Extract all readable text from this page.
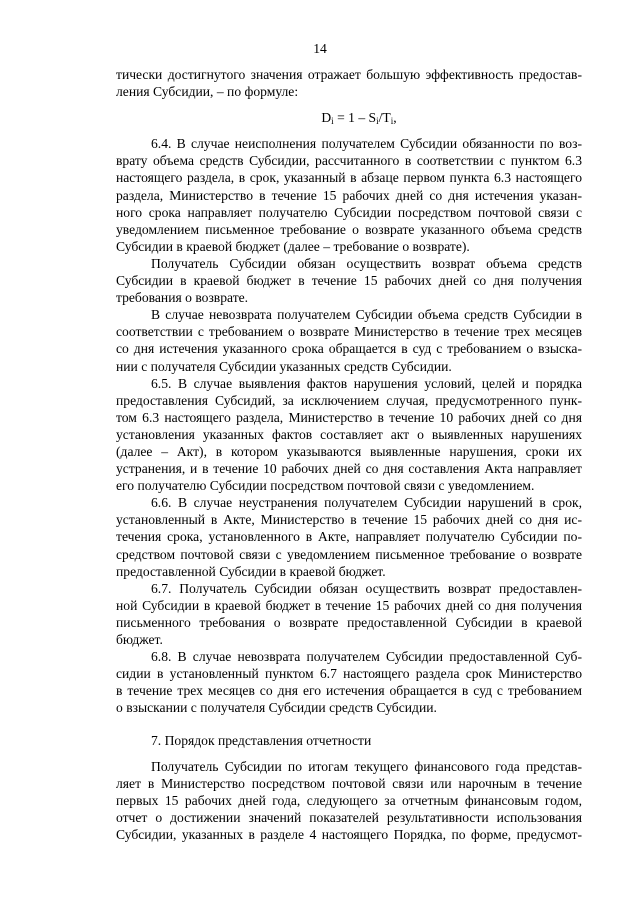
14

тически достигнутого значения отражает большую эффективность предостав-
ления Субсидии, – по формуле:

$D_i = 1 - S_i/T_i$,

6.4. В случае неисполнения получателем Субсидии обязанности по воз-
врату объема средств Субсидии, рассчитанного в соответствии с пунктом 6.3
настоящего раздела, в срок, указанный в абзаце первом пункта 6.3 настоящего
раздела, Министерство в течение 15 рабочих дней со дня истечения указан-
ного срока направляет получателю Субсидии посредством почтовой связи с
уведомлением письменное требование о возврате указанного объема средств
Субсидии в краевой бюджет (далее – требование о возврате).

Получатель Субсидии обязан осуществить возврат объема средств
Субсидии в краевой бюджет в течение 15 рабочих дней со дня получения
требования о возврате.

В случае невозврата получателем Субсидии объема средств Субсидии в
соответствии с требованием о возврате Министерство в течение трех месяцев
со дня истечения указанного срока обращается в суд с требованием о взыска-
нии с получателя Субсидии указанных средств Субсидии.

6.5. В случае выявления фактов нарушения условий, целей и порядка
предоставления Субсидий, за исключением случая, предусмотренного пунк-
том 6.3 настоящего раздела, Министерство в течение 10 рабочих дней со дня
установления указанных фактов составляет акт о выявленных нарушениях
(далее – Акт), в котором указываются выявленные нарушения, сроки их
устранения, и в течение 10 рабочих дней со дня составления Акта направляет
его получателю Субсидии посредством почтовой связи с уведомлением.

6.6. В случае неустранения получателем Субсидии нарушений в срок,
установленный в Акте, Министерство в течение 15 рабочих дней со дня ис-
течения срока, установленного в Акте, направляет получателю Субсидии по-
средством почтовой связи с уведомлением письменное требование о возврате
предоставленной Субсидии в краевой бюджет.

6.7. Получатель Субсидии обязан осуществить возврат предоставлен-
ной Субсидии в краевой бюджет в течение 15 рабочих дней со дня получения
письменного требования о возврате предоставленной Субсидии в краевой
бюджет.

6.8. В случае невозврата получателем Субсидии предоставленной Суб-
сидии в установленный пунктом 6.7 настоящего раздела срок Министерство
в течение трех месяцев со дня его истечения обращается в суд с требованием
о взыскании с получателя Субсидии средств Субсидии.

7. Порядок представления отчетности

Получатель Субсидии по итогам текущего финансового года представ-
ляет в Министерство посредством почтовой связи или нарочным в течение
первых 15 рабочих дней года, следующего за отчетным финансовым годом,
отчет о достижении значений показателей результативности использования
Субсидии, указанных в разделе 4 настоящего Порядка, по форме, предусмот-
